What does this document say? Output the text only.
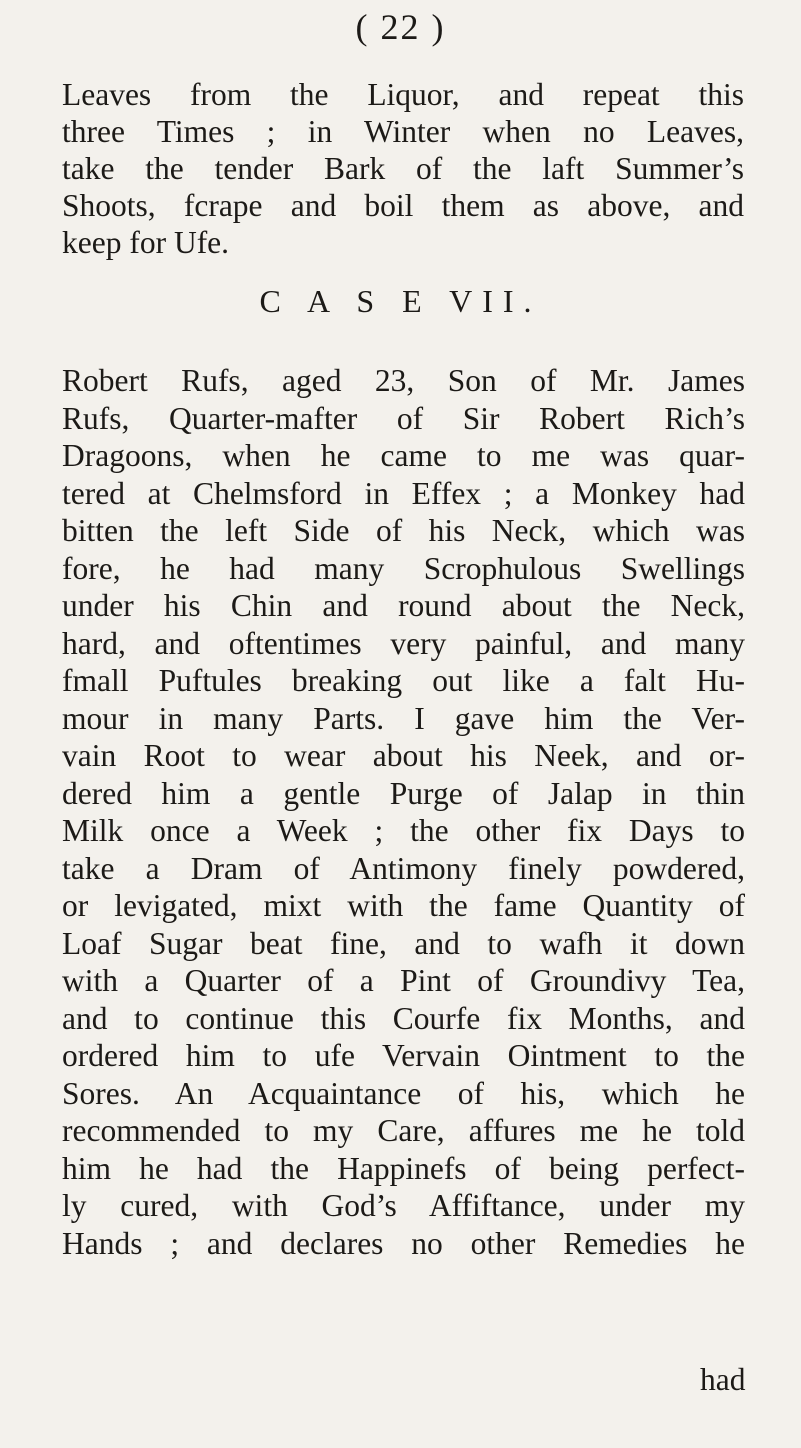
( 22 )
Leaves from the Liquor, and repeat this
three Times ; in Winter when no Leaves,
take the tender Bark of the laft Summer’s
Shoots, fcrape and boil them as above, and
keep for Ufe.
C A S E VII.
Robert Rufs, aged 23, Son of Mr. James
Rufs, Quarter-mafter of Sir Robert Rich’s
Dragoons, when he came to me was quar-
tered at Chelmsford in Effex ; a Monkey had
bitten the left Side of his Neck, which was
fore, he had many Scrophulous Swellings
under his Chin and round about the Neck,
hard, and oftentimes very painful, and many
fmall Puftules breaking out like a falt Hu-
mour in many Parts. I gave him the Ver-
vain Root to wear about his Neek, and or-
dered him a gentle Purge of Jalap in thin
Milk once a Week ; the other fix Days to
take a Dram of Antimony finely powdered,
or levigated, mixt with the fame Quantity of
Loaf Sugar beat fine, and to wafh it down
with a Quarter of a Pint of Groundivy Tea,
and to continue this Courfe fix Months, and
ordered him to ufe Vervain Ointment to the
Sores. An Acquaintance of his, which he
recommended to my Care, affures me he told
him he had the Happinefs of being perfect-
ly cured, with God’s Affiftance, under my
Hands ; and declares no other Remedies he
had
